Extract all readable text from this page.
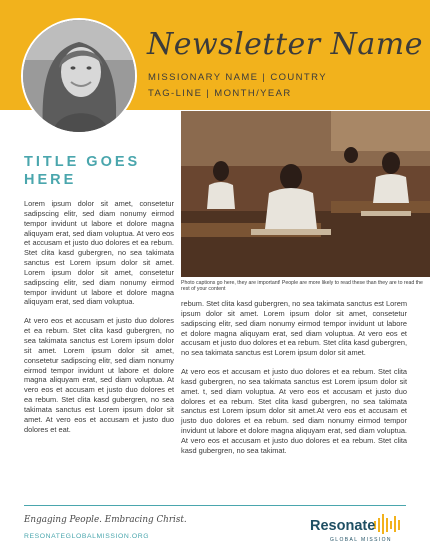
Newsletter Name

MISSIONARY NAME | COUNTRY

TAG-LINE | MONTH/YEAR

TITLE GOES HERE

Lorem ipsum dolor sit amet, consetetur sadipscing elitr, sed diam nonumy eirmod tempor invidunt ut labore et dolore magna aliquyam erat, sed diam voluptua. At vero eos et accusam et justo duo dolores et ea rebum. Stet clita kasd gubergren, no sea takimata sanctus est Lorem ipsum dolor sit amet. Lorem ipsum dolor sit amet, consetetur sadipscing elitr, sed diam nonumy eirmod tempor invidunt ut labore et dolore magna aliquyam erat, sed diam voluptua.

At vero eos et accusam et justo duo dolores et ea rebum. Stet clita kasd gubergren, no sea takimata sanctus est Lorem ipsum dolor sit amet. Lorem ipsum dolor sit amet, consetetur sadipscing elitr, sed diam nonumy eirmod tempor invidunt ut labore et dolore magna aliquyam erat, sed diam voluptua. At vero eos et accusam et justo duo dolores et ea rebum. Stet clita kasd gubergren, no sea takimata sanctus est Lorem ipsum dolor sit amet. At vero eos et accusam et justo duo dolores et eat.

Photo captions go here, they are important! People are more likely to read these than they are to read the rest of your content

rebum. Stet clita kasd gubergren, no sea takimata sanctus est Lorem ipsum dolor sit amet. Lorem ipsum dolor sit amet, consetetur sadipscing elitr, sed diam nonumy eirmod tempor invidunt ut labore et dolore magna aliquyam erat, sed diam voluptua. At vero eos et accusam et justo duo dolores et ea rebum. Stet clita kasd gubergren, no sea takimata sanctus est Lorem ipsum dolor sit amet.

At vero eos et accusam et justo duo dolores et ea rebum. Stet clita kasd gubergren, no sea takimata sanctus est Lorem ipsum dolor sit amet. t, sed diam voluptua. At vero eos et accusam et justo duo dolores et ea rebum. Stet clita kasd gubergren, no sea takimata sanctus est Lorem ipsum dolor sit amet.At vero eos et accusam et justo duo dolores et ea rebum. sed diam nonumy eirmod tempor invidunt ut labore et dolore magna aliquyam erat, sed diam voluptua. At vero eos et accusam et justo duo dolores et ea rebum. Stet clita kasd gubergren, no sea takimat.

Engaging People. Embracing Christ.

RESONATEGLOBALMISSION.ORG

Resonate

GLOBAL MISSION
